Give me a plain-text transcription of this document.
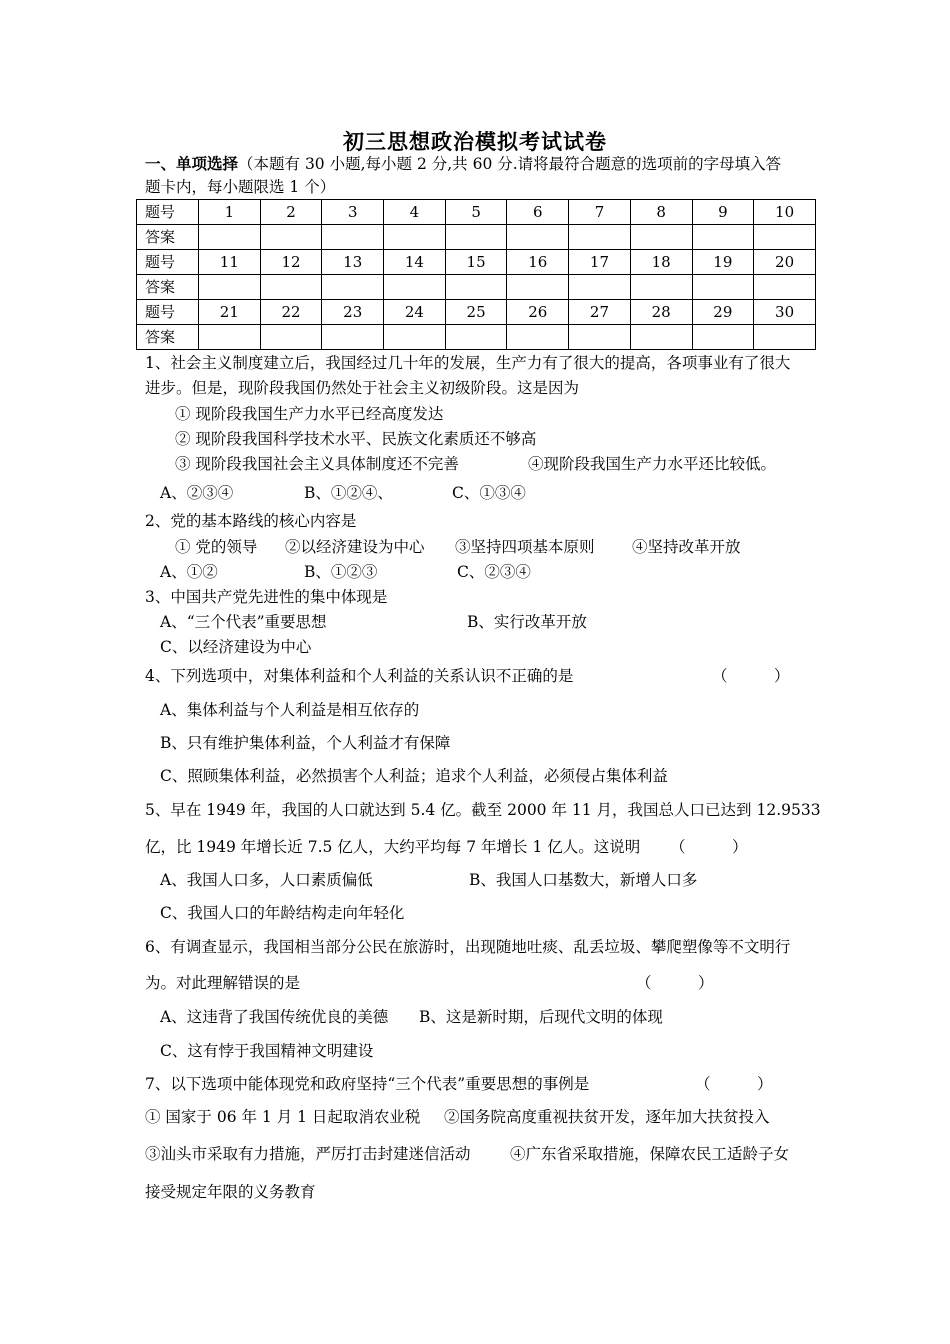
初三思想政治模拟考试试卷
一、单项选择（本题有 30 小题,每小题 2 分,共 60 分.请将最符合题意的选项前的字母填入答
题卡内，每小题限选 1 个）
题号	1	2	3	4	5	6	7	8	9	10
答案										
题号	11	12	13	14	15	16	17	18	19	20
答案										
题号	21	22	23	24	25	26	27	28	29	30
答案										
1、社会主义制度建立后，我国经过几十年的发展，生产力有了很大的提高，各项事业有了很大
进步。但是，现阶段我国仍然处于社会主义初级阶段。这是因为
① 现阶段我国生产力水平已经高度发达
② 现阶段我国科学技术水平、民族文化素质还不够高
③ 现阶段我国社会主义具体制度还不完善	④现阶段我国生产力水平还比较低。
A、②③④	B、①②④、	C、①③④
2、党的基本路线的核心内容是
① 党的领导 ②以经济建设为中心 ③坚持四项基本原则 ④坚持改革开放
A、①②	B、①②③	C、②③④
3、中国共产党先进性的集中体现是
A、“三个代表”重要思想	B、实行改革开放
C、以经济建设为中心
4、下列选项中，对集体利益和个人利益的关系认识不正确的是	（　　　）
A、集体利益与个人利益是相互依存的
B、只有维护集体利益，个人利益才有保障
C、照顾集体利益，必然损害个人利益；追求个人利益，必须侵占集体利益
5、早在 1949 年，我国的人口就达到 5.4 亿。截至 2000 年 11 月，我国总人口已达到 12.9533
亿，比 1949 年增长近 7.5 亿人，大约平均每 7 年增长 1 亿人。这说明 （　　　）
A、我国人口多，人口素质偏低	B、我国人口基数大，新增人口多
C、我国人口的年龄结构走向年轻化
6、有调查显示，我国相当部分公民在旅游时，出现随地吐痰、乱丢垃圾、攀爬塑像等不文明行
为。对此理解错误的是	（　　　）
A、这违背了我国传统优良的美德 B、这是新时期，后现代文明的体现
C、这有悖于我国精神文明建设
7、以下选项中能体现党和政府坚持“三个代表”重要思想的事例是	（　　　）
① 国家于 06 年 1 月 1 日起取消农业税 ②国务院高度重视扶贫开发，逐年加大扶贫投入
③汕头市采取有力措施，严厉打击封建迷信活动	④广东省采取措施，保障农民工适龄子女
接受规定年限的义务教育
